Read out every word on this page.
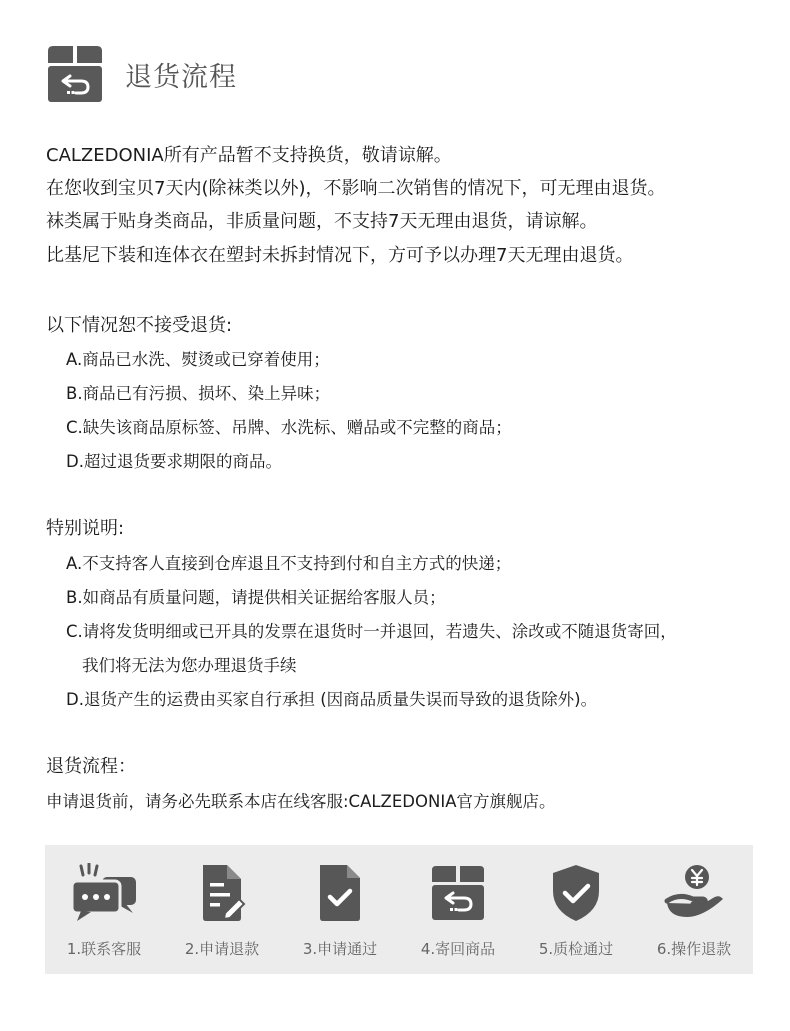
退货流程
CALZEDONIA所有产品暂不支持换货，敬请谅解。
在您收到宝贝7天内(除袜类以外)，不影响二次销售的情况下，可无理由退货。
袜类属于贴身类商品，非质量问题，不支持7天无理由退货，请谅解。
比基尼下装和连体衣在塑封未拆封情况下，方可予以办理7天无理由退货。
以下情况恕不接受退货:
A.商品已水洗、熨烫或已穿着使用；
B.商品已有污损、损坏、染上异味；
C.缺失该商品原标签、吊牌、水洗标、赠品或不完整的商品；
D.超过退货要求期限的商品。
特别说明:
A.不支持客人直接到仓库退且不支持到付和自主方式的快递；
B.如商品有质量问题，请提供相关证据给客服人员；
C.请将发货明细或已开具的发票在退货时一并退回，若遗失、涂改或不随退货寄回，
我们将无法为您办理退货手续
D.退货产生的运费由买家自行承担 (因商品质量失误而导致的退货除外)。
退货流程：
申请退货前，请务必先联系本店在线客服:CALZEDONIA官方旗舰店。
1.联系客服	2.申请退款	3.申请通过	4.寄回商品	5.质检通过	6.操作退款
